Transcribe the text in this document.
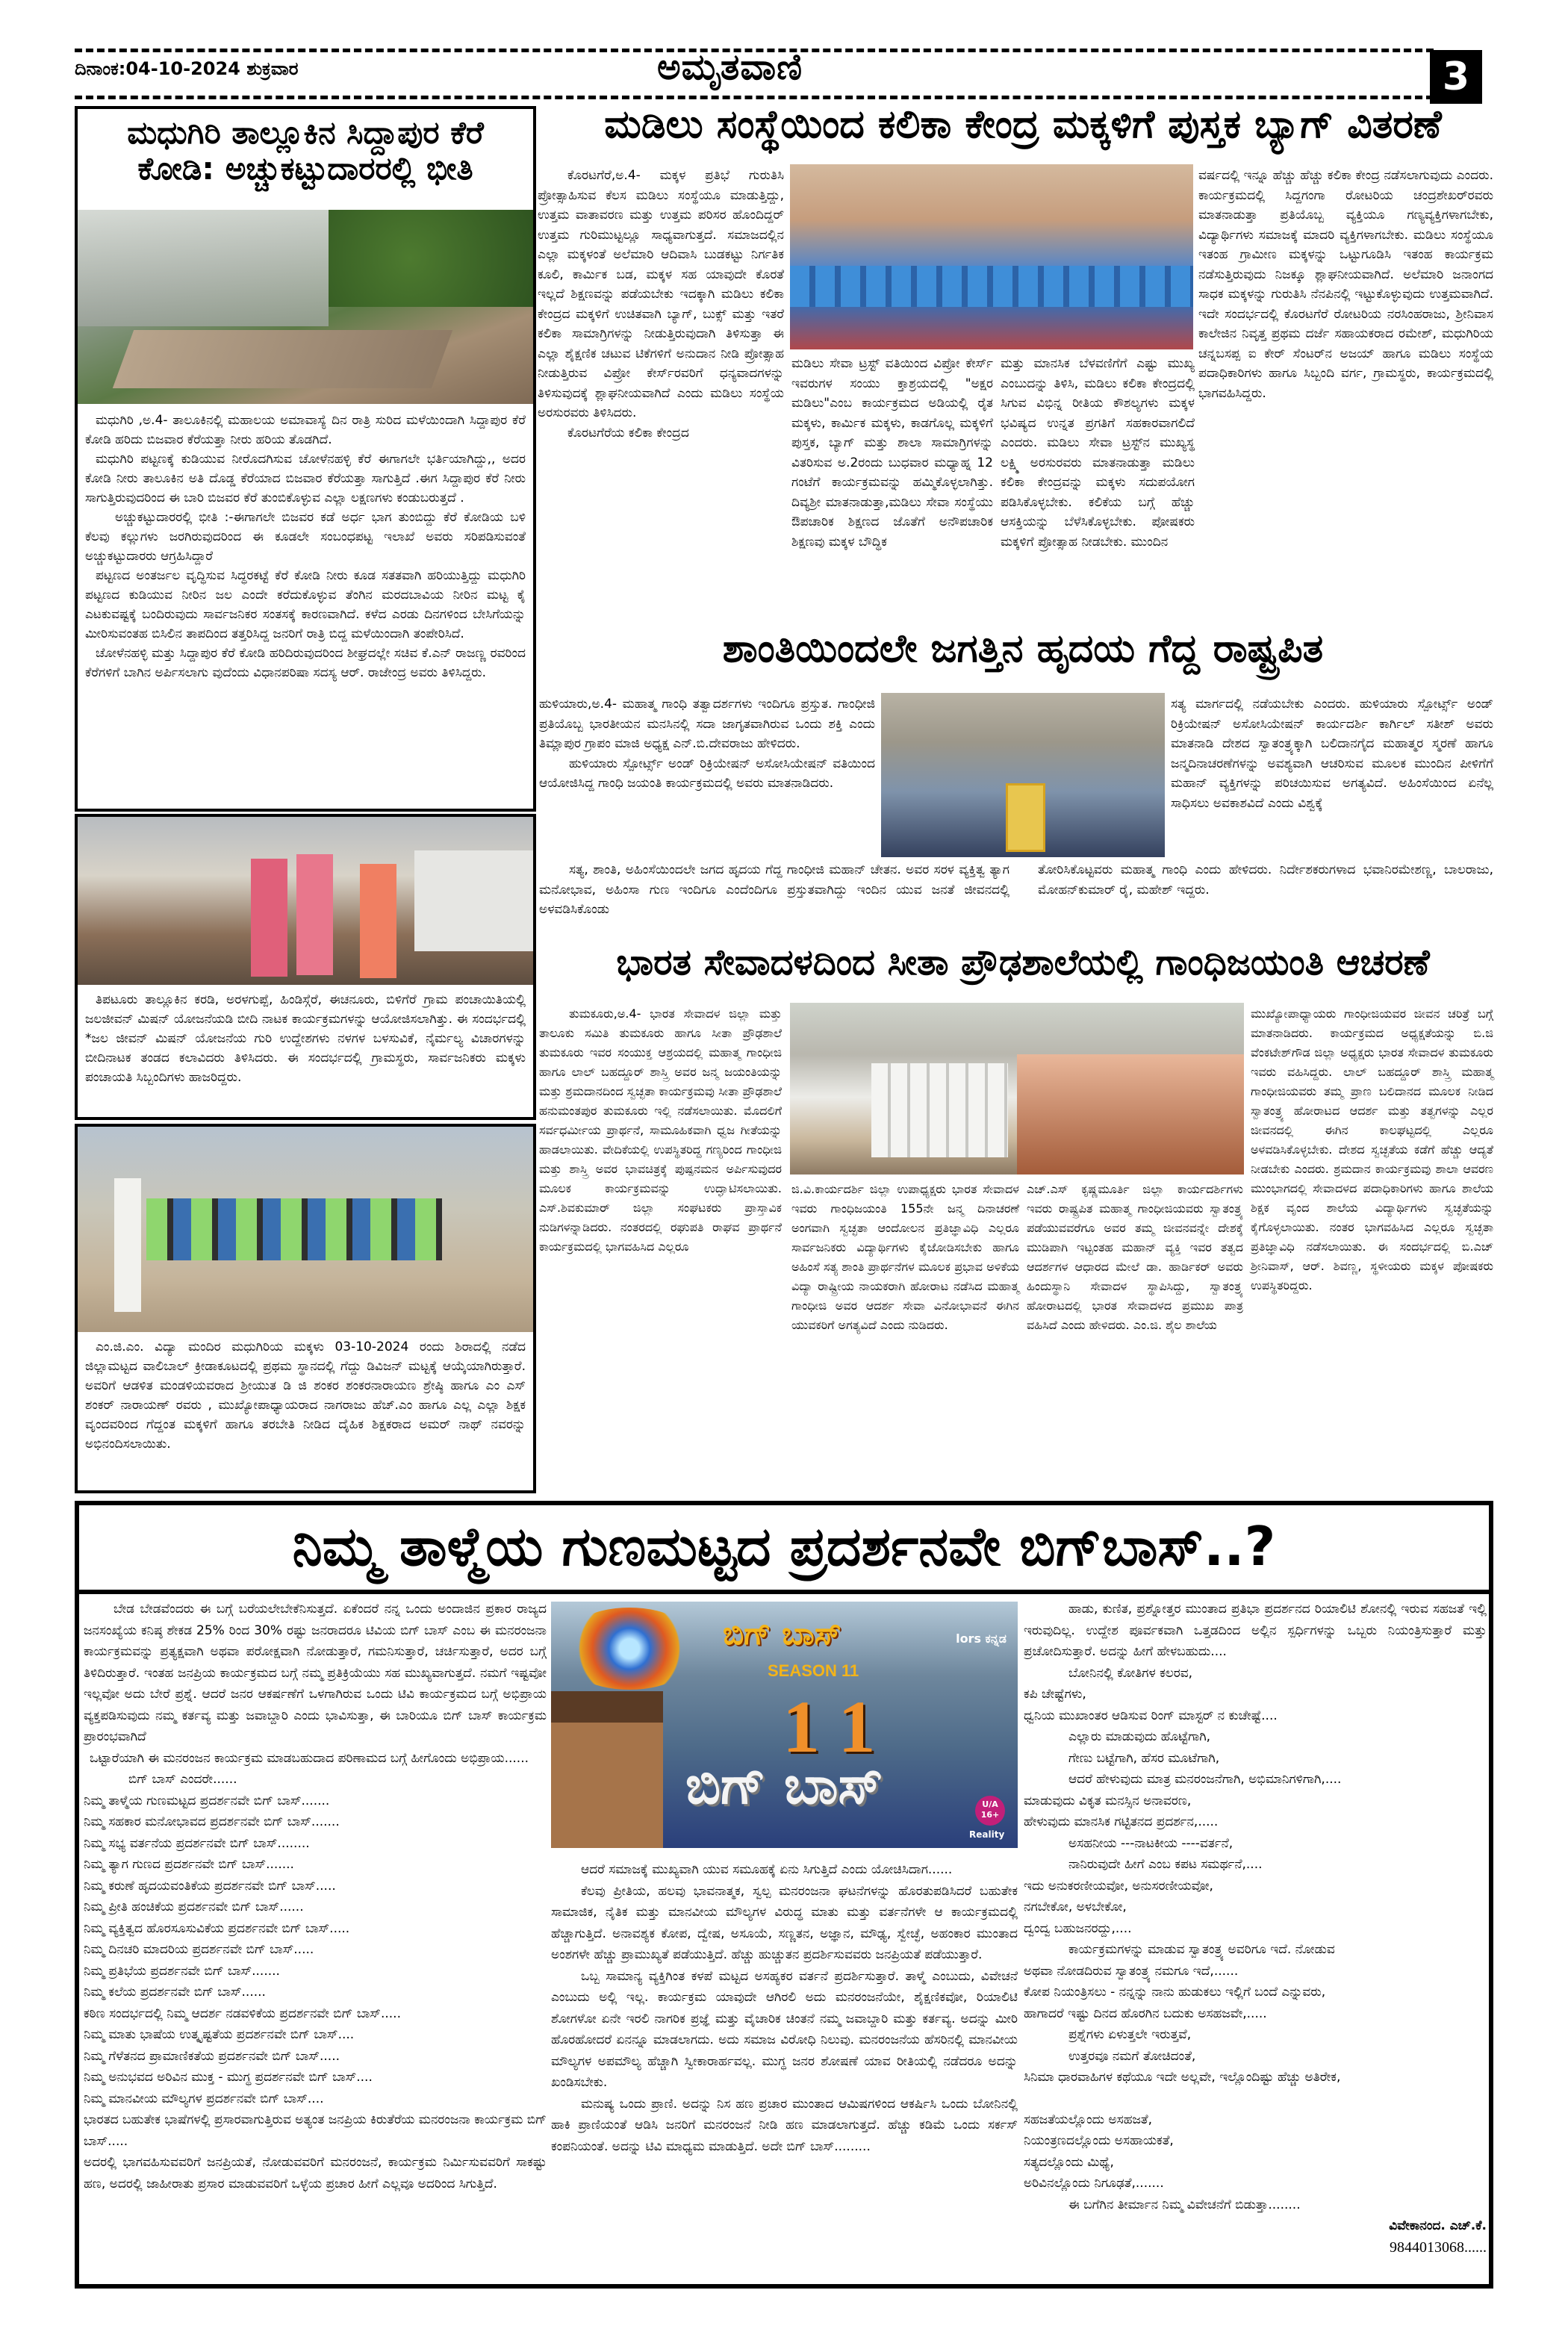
ದಿನಾಂಕ:04-10-2024 ಶುಕ್ರವಾರ	ಅಮೃತವಾಣಿ	3
ಮಧುಗಿರಿ ತಾಲ್ಲೂಕಿನ ಸಿದ್ದಾಪುರ ಕೆರೆ ಕೋಡಿ: ಅಚ್ಚುಕಟ್ಟುದಾರರಲ್ಲಿ ಭೀತಿ

ಮಧುಗಿರಿ ,ಅ.4- ತಾಲೂಕಿನಲ್ಲಿ ಮಹಾಲಯ ಅಮಾವಾಸ್ಯೆ ದಿನ ರಾತ್ರಿ ಸುರಿದ ಮಳೆಯಿಂದಾಗಿ ಸಿದ್ದಾಪುರ ಕೆರೆ ಕೋಡಿ ಹರಿದು ಬಿಜವಾರ ಕೆರೆಯತ್ತಾ ನೀರು ಹರಿಯ ತೊಡಗಿದೆ.

ಮಧುಗಿರಿ ಪಟ್ಟಣಕ್ಕೆ ಕುಡಿಯುವ ನೀರೊದಗಿಸುವ ಚೋಳೆನಹಳ್ಳಿ ಕೆರೆ ಈಗಾಗಲೇ ಭರ್ತಿಯಾಗಿದ್ದು,, ಅದರ ಕೋಡಿ ನೀರು ತಾಲೂಕಿನ ಅತಿ ದೊಡ್ಡ ಕೆರೆಯಾದ ಬಿಜವಾರ ಕೆರೆಯತ್ತಾ ಸಾಗುತ್ತಿದೆ .ಈಗ ಸಿದ್ದಾಪುರ ಕೆರೆ ನೀರು ಸಾಗುತ್ತಿರುವುದರಿಂದ ಈ ಬಾರಿ ಬಿಜವರ ಕೆರೆ ತುಂಬಿಕೊಳ್ಳುವ ಎಲ್ಲಾ ಲಕ್ಷಣಗಳು ಕಂಡುಬರುತ್ತದೆ .

ಅಚ್ಚುಕಟ್ಟುದಾರರಲ್ಲಿ ಭೀತಿ :-ಈಗಾಗಲೇ ಬಿಜವರ ಕಡೆ ಅರ್ಧ ಭಾಗ ತುಂಬಿದ್ದು ಕೆರೆ ಕೋಡಿಯ ಬಳಿ ಕೆಲವು ಕಲ್ಲುಗಳು ಜರಗಿರುವುದರಿಂದ ಈ ಕೂಡಲೇ ಸಂಬಂಧಪಟ್ಟ ಇಲಾಖೆ ಅವರು ಸರಿಪಡಿಸುವಂತೆ ಅಚ್ಚುಕಟ್ಟುದಾರರು ಆಗ್ರಹಿಸಿದ್ದಾರೆ

ಪಟ್ಟಣದ ಅಂತರ್ಜಲ ವೃದ್ಧಿಸುವ ಸಿದ್ಧರಕಟ್ಟೆ ಕೆರೆ ಕೋಡಿ ನೀರು ಕೂಡ ಸತತವಾಗಿ ಹರಿಯುತ್ತಿದ್ದು ಮಧುಗಿರಿ ಪಟ್ಟಣದ ಕುಡಿಯುವ ನೀರಿನ ಜಲ ಎಂದೇ ಕರೆದುಕೊಳ್ಳುವ ತೆಂಗಿನ ಮರದಬಾವಿಯ ನೀರಿನ ಮಟ್ಟ ಕೈ ಎಟಕುವಷ್ಟಕ್ಕೆ ಬಂದಿರುವುದು ಸಾರ್ವಜನಿಕರ ಸಂತಸಕ್ಕೆ ಕಾರಣವಾಗಿದೆ. ಕಳೆದ ಎರಡು ದಿನಗಳಿಂದ ಬೇಸಿಗೆಯನ್ನು ಮೀರಿಸುವಂತಹ ಬಿಸಿಲಿನ ತಾಪದಿಂದ ತತ್ತರಿಸಿದ್ದ ಜನರಿಗೆ ರಾತ್ರಿ ಬಿದ್ದ ಮಳೆಯಿಂದಾಗಿ ತಂಪೇರಿಸಿದೆ.

ಚೋಳೆನಹಳ್ಳಿ ಮತ್ತು ಸಿದ್ದಾಪುರ ಕೆರೆ ಕೋಡಿ ಹರಿದಿರುವುದರಿಂದ ಶೀಘ್ರದಲ್ಲೇ ಸಚಿವ ಕೆ.ಎನ್ ರಾಜಣ್ಣ ರವರಿಂದ ಕೆರೆಗಳಿಗೆ ಬಾಗಿನ ಅರ್ಪಿಸಲಾಗು ವುದೆಂದು ವಿಧಾನಪರಿಷಾ ಸದಸ್ಯ ಆರ್. ರಾಜೇಂದ್ರ ಅವರು ತಿಳಿಸಿದ್ದರು.

ತಿಪಟೂರು ತಾಲ್ಲೂಕಿನ ಕರಡಿ, ಅರಳಗುಪ್ಪೆ, ಹಿಂಡಿಸ್ಗೆರೆ, ಈಚನೂರು, ಬಿಳಿಗೆರೆ ಗ್ರಾಮ ಪಂಚಾಯಿತಿಯಲ್ಲಿ ಜಲಜೀವನ್ ಮಿಷನ್ ಯೋಜನೆಯಡಿ ಬೀದಿ ನಾಟಕ ಕಾರ್ಯಕ್ರಮಗಳನ್ನು ಆಯೋಜಿಸಲಾಗಿತ್ತು. ಈ ಸಂದರ್ಭದಲ್ಲಿ *ಜಲ ಜೀವನ್ ಮಿಷನ್ ಯೋಜನೆಯ ಗುರಿ ಉದ್ದೇಶಗಳು ನಳಗಳ ಬಳಸುವಿಕೆ, ನೈರ್ಮಲ್ಯ ವಿಚಾರಗಳನ್ನು ಬೀದಿನಾಟಕ ತಂಡದ ಕಲಾವಿದರು ತಿಳಿಸಿದರು. ಈ ಸಂದರ್ಭದಲ್ಲಿ ಗ್ರಾಮಸ್ಥರು, ಸಾರ್ವಜನಿಕರು ಮಕ್ಕಳು ಪಂಚಾಯತಿ ಸಿಬ್ಬಂದಿಗಳು ಹಾಜರಿದ್ದರು.

ಎಂ.ಜಿ.ಎಂ. ವಿದ್ಯಾ ಮಂದಿರ ಮಧುಗಿರಿಯ ಮಕ್ಕಳು 03-10-2024 ರಂದು ಶಿರಾದಲ್ಲಿ ನಡೆದ ಜಿಲ್ಲಾಮಟ್ಟದ ವಾಲಿಬಾಲ್ ಕ್ರೀಡಾಕೂಟದಲ್ಲಿ ಪ್ರಥಮ ಸ್ಥಾನದಲ್ಲಿ ಗೆದ್ದು ಡಿವಿಜನ್ ಮಟ್ಟಕ್ಕೆ ಆಯ್ಕೆಯಾಗಿರುತ್ತಾರೆ. ಅವರಿಗೆ ಆಡಳಿತ ಮಂಡಳಿಯವರಾದ ಶ್ರೀಯುತ ಡಿ ಜಿ ಶಂಕರ ಶಂಕರನಾರಾಯಣ ಶ್ರೇಷ್ಠಿ ಹಾಗೂ ಎಂ ಎಸ್ ಶಂಕರ್ ನಾರಾಯಣ್ ರವರು , ಮುಖ್ಯೋಪಾಧ್ಯಾಯರಾದ ನಾಗರಾಜು ಹೆಚ್.ಎಂ ಹಾಗೂ ಎಲ್ಲ ಎಲ್ಲಾ ಶಿಕ್ಷಕ ವೃಂದವರಿಂದ ಗೆದ್ದಂತ ಮಕ್ಕಳಿಗೆ ಹಾಗೂ ತರಬೇತಿ ನೀಡಿದ ದೈಹಿಕ ಶಿಕ್ಷಕರಾದ ಅಮರ್ ನಾಥ್ ನವರನ್ನು ಅಭಿನಂದಿಸಲಾಯಿತು.

ಮಡಿಲು ಸಂಸ್ಥೆಯಿಂದ ಕಲಿಕಾ ಕೇಂದ್ರ ಮಕ್ಕಳಿಗೆ ಪುಸ್ತಕ ಬ್ಯಾಗ್ ವಿತರಣೆ

ಕೊರಟಗೆರೆ,ಅ.4- ಮಕ್ಕಳ ಪ್ರತಿಭೆ ಗುರುತಿಸಿ ಪ್ರೋತ್ಸಾಹಿಸುವ ಕೆಲಸ ಮಡಿಲು ಸಂಸ್ಥೆಯೂ ಮಾಡುತ್ತಿದ್ದು, ಉತ್ತಮ ವಾತಾವರಣ ಮತ್ತು ಉತ್ತಮ ಪರಿಸರ ಹೊಂದಿದ್ದರ್ ಉತ್ತಮ ಗುರಿಮುಟ್ಟಲ್ಲೂ ಸಾಧ್ಯವಾಗುತ್ತದೆ. ಸಮಾಜದಲ್ಲಿನ ಎಲ್ಲಾ ಮಕ್ಕಳಂತೆ ಅಲೆಮಾರಿ ಆದಿವಾಸಿ ಬುಡಕಟ್ಟು ನಿರ್ಗತಿಕ ಕೂಲಿ, ಕಾರ್ಮಿಕ ಬಡ, ಮಕ್ಕಳ ಸಹ ಯಾವುದೇ ಕೊರತೆ ಇಲ್ಲದೆ ಶಿಕ್ಷಣವನ್ನು ಪಡೆಯಬೇಕು ಇದಕ್ಕಾಗಿ ಮಡಿಲು ಕಲಿಕಾ ಕೇಂದ್ರದ ಮಕ್ಕಳಿಗೆ ಉಚಿತವಾಗಿ ಬ್ಯಾಗ್, ಬುಕ್ಸ್ ಮತ್ತು ಇತರೆ ಕಲಿಕಾ ಸಾಮಾಗ್ರಿಗಳನ್ನು ನೀಡುತ್ತಿರುವುದಾಗಿ ತಿಳಿಸುತ್ತಾ ಈ ಎಲ್ಲಾ ಶೈಕ್ಷಣಿಕ ಚಟುವ ಟಿಕೆಗಳಿಗೆ ಅನುದಾನ ನೀಡಿ ಪ್ರೋತ್ಸಾಹ ನೀಡುತ್ತಿರುವ ವಿಪ್ರೋ ಕೇರ್ಸ್‌ರವರಿಗೆ ಧನ್ಯವಾದಗಳನ್ನು ತಿಳಿಸುವುದಕ್ಕೆ ಶ್ಲಾಘನೀಯವಾಗಿದೆ ಎಂದು ಮಡಿಲು ಸಂಸ್ಥೆಯ ಅರಸುರವರು ತಿಳಿಸಿದರು.

ಕೊರಟಗೆರೆಯ ಕಲಿಕಾ ಕೇಂದ್ರದ

ಮಡಿಲು ಸೇವಾ ಟ್ರಸ್ಟ್ ವತಿಯಿಂದ ವಿಪ್ರೋ ಕೇರ್ಸ್ ಇವರುಗಳ ಸಂಯು ಕ್ತಾಶ್ರಯದಲ್ಲಿ "ಅಕ್ಷರ ಮಡಿಲು"ಎಂಬ ಕಾರ್ಯಕ್ರಮದ ಅಡಿಯಲ್ಲಿ ರೈತ ಮಕ್ಕಳು, ಕಾರ್ಮಿಕ ಮಕ್ಕಳು, ಕಾಡಗೊಲ್ಲ ಮಕ್ಕಳಿಗೆ ಪುಸ್ತಕ, ಬ್ಯಾಗ್ ಮತ್ತು ಶಾಲಾ ಸಾಮಾಗ್ರಿಗಳನ್ನು ವಿತರಿಸುವ ಅ.2ರಂದು ಬುಧವಾರ ಮಧ್ಯಾಹ್ನ 12 ಗಂಟೆಗೆ ಕಾರ್ಯಕ್ರಮವನ್ನು ಹಮ್ಮಿಕೊಳ್ಳಲಾಗಿತ್ತು. ದಿವ್ಯಶ್ರೀ ಮಾತನಾಡುತ್ತಾ,ಮಡಿಲು ಸೇವಾ ಸಂಸ್ಥೆಯು ಔಪಚಾರಿಕ ಶಿಕ್ಷಣದ ಜೊತೆಗೆ ಅನೌಪಚಾರಿಕ ಶಿಕ್ಷಣವು ಮಕ್ಕಳ ಬೌದ್ಧಿಕ

ಮತ್ತು ಮಾನಸಿಕ ಬೆಳವಣಿಗೆಗೆ ಎಷ್ಟು ಮುಖ್ಯ ಎಂಬುದನ್ನು ತಿಳಿಸಿ, ಮಡಿಲು ಕಲಿಕಾ ಕೇಂದ್ರದಲ್ಲಿ ಸಿಗುವ ವಿಭಿನ್ನ ರೀತಿಯ ಕೌಶಲ್ಯಗಳು ಮಕ್ಕಳ ಭವಿಷ್ಯದ ಉನ್ನತ ಪ್ರಗತಿಗೆ ಸಹಕಾರವಾಗಲಿದೆ ಎಂದರು. ಮಡಿಲು ಸೇವಾ ಟ್ರಸ್ಟ್‌ನ ಮುಖ್ಯಸ್ಥ ಲಕ್ಷ್ಮಿ ಅರಸುರವರು ಮಾತನಾಡುತ್ತಾ ಮಡಿಲು ಕಲಿಕಾ ಕೇಂದ್ರವನ್ನು ಮಕ್ಕಳು ಸದುಪಯೋಗ ಪಡಿಸಿಕೊಳ್ಳಬೇಕು. ಕಲಿಕೆಯ ಬಗ್ಗೆ ಹೆಚ್ಚು ಆಸಕ್ತಿಯನ್ನು ಬೆಳೆಸಿಕೊಳ್ಳಬೇಕು. ಪೋಷಕರು ಮಕ್ಕಳಿಗೆ ಪ್ರೋತ್ಸಾಹ ನೀಡಬೇಕು. ಮುಂದಿನ

ವರ್ಷದಲ್ಲಿ ಇನ್ನೂ ಹೆಚ್ಚು ಹೆಚ್ಚು ಕಲಿಕಾ ಕೇಂದ್ರ ನಡೆಸಲಾಗುವುದು ಎಂದರು. ಕಾರ್ಯಕ್ರಮದಲ್ಲಿ ಸಿದ್ದಗಂಗಾ ರೋಟರಿಯ ಚಂದ್ರಶೇಖರ್‌ರವರು ಮಾತನಾಡುತ್ತಾ ಪ್ರತಿಯೊಬ್ಬ ವ್ಯಕ್ತಿಯೂ ಗಣ್ಯವ್ಯಕ್ತಿಗಳಾಗಬೇಕು, ವಿದ್ಯಾರ್ಥಿಗಳು ಸಮಾಜಕ್ಕೆ ಮಾದರಿ ವ್ಯಕ್ತಿಗಳಾಗಬೇಕು. ಮಡಿಲು ಸಂಸ್ಥೆಯೂ ಇತಂಹ ಗ್ರಾಮೀಣ ಮಕ್ಕಳನ್ನು ಒಟ್ಟುಗೂಡಿಸಿ ಇತಂಹ ಕಾರ್ಯಕ್ರಮ ನಡೆಸುತ್ತಿರುವುದು ನಿಜಕ್ಕೂ ಶ್ಲಾಘನೀಯವಾಗಿದೆ. ಅಲೆಮಾರಿ ಜನಾಂಗದ ಸಾಧಕ ಮಕ್ಕಳನ್ನು ಗುರುತಿಸಿ ನೆನಪಿನಲ್ಲಿ ಇಟ್ಟುಕೊಳ್ಳುವುದು ಉತ್ತಮವಾಗಿದೆ. ಇದೇ ಸಂದರ್ಭದಲ್ಲಿ ಕೊರಟಗೆರೆ ರೋಟರಿಯ ನರಸಿಂಹರಾಜು, ಶ್ರೀನಿವಾಸ ಕಾಲೇಜಿನ ನಿವೃತ್ತ ಪ್ರಥಮ ದರ್ಜೆ ಸಹಾಯಕರಾದ ರಮೇಶ್, ಮಧುಗಿರಿಯ ಚನ್ನಬಸಪ್ಪ ಐ ಕೇರ್ ಸೆಂಟರ್‌ನ ಅಜಯ್ ಹಾಗೂ ಮಡಿಲು ಸಂಸ್ಥೆಯ ಪದಾಧಿಕಾರಿಗಳು ಹಾಗೂ ಸಿಬ್ಬಂದಿ ವರ್ಗ, ಗ್ರಾಮಸ್ಥರು, ಕಾರ್ಯಕ್ರಮದಲ್ಲಿ ಭಾಗವಹಿಸಿದ್ದರು.

ಶಾಂತಿಯಿಂದಲೇ ಜಗತ್ತಿನ ಹೃದಯ ಗೆದ್ದ ರಾಷ್ಟ್ರಪಿತ

ಹುಳಿಯಾರು,ಅ.4- ಮಹಾತ್ಮ ಗಾಂಧಿ ತತ್ವಾದರ್ಶಗಳು ಇಂದಿಗೂ ಪ್ರಸ್ತುತ. ಗಾಂಧೀಜಿ ಪ್ರತಿಯೊಬ್ಬ ಭಾರತೀಯನ ಮನಸಿನಲ್ಲಿ ಸದಾ ಜಾಗೃತವಾಗಿರುವ ಒಂದು ಶಕ್ತಿ ಎಂದು ತಿಮ್ಲಾಪುರ ಗ್ರಾಪಂ ಮಾಜಿ ಅಧ್ಯಕ್ಷ ಎನ್.ಬಿ.ದೇವರಾಜು ಹೇಳಿದರು.

ಹುಳಿಯಾರು ಸ್ಪೋರ್ಟ್ಸ್ ಅಂಡ್ ರಿಕ್ರಿಯೇಷನ್ ಅಸೋಸಿಯೇಷನ್ ವತಿಯಿಂದ ಆಯೋಜಿಸಿದ್ದ ಗಾಂಧಿ ಜಯಂತಿ ಕಾರ್ಯಕ್ರಮದಲ್ಲಿ ಅವರು ಮಾತನಾಡಿದರು.

ಸತ್ಯ, ಶಾಂತಿ, ಅಹಿಂಸೆಯಿಂದಲೇ ಜಗದ ಹೃದಯ ಗೆದ್ದ ಗಾಂಧೀಜಿ ಮಹಾನ್ ಚೇತನ. ಅವರ ಸರಳ ವ್ಯಕ್ತಿತ್ವ ತ್ಯಾಗ ಮನೋಭಾವ, ಅಹಿಂಸಾ ಗುಣ ಇಂದಿಗೂ ಎಂದೆಂದಿಗೂ ಪ್ರಸ್ತುತವಾಗಿದ್ದು ಇಂದಿನ ಯುವ ಜನತೆ ಜೀವನದಲ್ಲಿ ಅಳವಡಿಸಿಕೊಂಡು

ಸತ್ಯ ಮಾರ್ಗದಲ್ಲಿ ನಡೆಯಬೇಕು ಎಂದರು. ಹುಳಿಯಾರು ಸ್ಪೋರ್ಟ್ಸ್ ಅಂಡ್ ರಿಕ್ರಿಯೇಷನ್ ಅಸೋಸಿಯೇಷನ್ ಕಾರ್ಯದರ್ಶಿ ಕಾರ್ಗಿಲ್ ಸತೀಶ್ ಅವರು ಮಾತನಾಡಿ ದೇಶದ ಸ್ವಾತಂತ್ರ್ಯಕ್ಕಾಗಿ ಬಲಿದಾನಗೈದ ಮಹಾತ್ಮರ ಸ್ಮರಣೆ ಹಾಗೂ ಜನ್ಮದಿನಾಚರಣೆಗಳನ್ನು ಅವಶ್ಯವಾಗಿ ಆಚರಿಸುವ ಮೂಲಕ ಮುಂದಿನ ಪೀಳಿಗೆಗೆ ಮಹಾನ್ ವ್ಯಕ್ತಿಗಳನ್ನು ಪರಿಚಯಿಸುವ ಅಗತ್ಯವಿದೆ. ಅಹಿಂಸೆಯಿಂದ ಏನೆಲ್ಲ ಸಾಧಿಸಲು ಅವಕಾಶವಿದೆ ಎಂದು ವಿಶ್ವಕ್ಕೆ

ತೋರಿಸಿಕೊಟ್ಟವರು ಮಹಾತ್ಮ ಗಾಂಧಿ ಎಂದು ಹೇಳಿದರು. ನಿರ್ದೇಶಕರುಗಳಾದ ಭವಾನಿರಮೇಶಣ್ಣ, ಬಾಲರಾಜು, ಮೋಹನ್‌ಕುಮಾರ್ ರೈ, ಮಹೇಶ್ ಇದ್ದರು.

ಭಾರತ ಸೇವಾದಳದಿಂದ ಸೀತಾ ಪ್ರೌಢಶಾಲೆಯಲ್ಲಿ ಗಾಂಧಿಜಯಂತಿ ಆಚರಣೆ

ತುಮಕೂರು,ಅ.4- ಭಾರತ ಸೇವಾದಳ ಜಿಲ್ಲಾ ಮತ್ತು ತಾಲೂಕು ಸಮಿತಿ ತುಮಕೂರು ಹಾಗೂ ಸೀತಾ ಪ್ರೌಢಶಾಲೆ ತುಮಕೂರು ಇವರ ಸಂಯುಕ್ತ ಆಶ್ರಯದಲ್ಲಿ ಮಹಾತ್ಮ ಗಾಂಧೀಜಿ ಹಾಗೂ ಲಾಲ್ ಬಹದ್ದೂರ್ ಶಾಸ್ತ್ರಿ ಅವರ ಜನ್ಮ ಜಯಂತಿಯನ್ನು ಮತ್ತು ಶ್ರಮದಾನದಿಂದ ಸ್ವಚ್ಛತಾ ಕಾರ್ಯಕ್ರಮವು ಸೀತಾ ಪ್ರೌಢಶಾಲೆ ಹನುಮಂತಪುರ ತುಮಕೂರು ಇಲ್ಲಿ ನಡೆಸಲಾಯಿತು. ಮೊದಲಿಗೆ ಸರ್ವಧರ್ಮೀಯ ಪ್ರಾರ್ಥನೆ, ಸಾಮೂಹಿಕವಾಗಿ ಧ್ವಜ ಗೀತೆಯನ್ನು ಹಾಡಲಾಯಿತು. ವೇದಿಕೆಯಲ್ಲಿ ಉಪಸ್ಥಿತರಿದ್ದ ಗಣ್ಯರಿಂದ ಗಾಂಧೀಜಿ ಮತ್ತು ಶಾಸ್ತ್ರಿ ಅವರ ಭಾವಚಿತ್ರಕ್ಕೆ ಪುಷ್ಪನಮನ ಅರ್ಪಿಸುವುದರ ಮೂಲಕ ಕಾರ್ಯಕ್ರಮವನ್ನು ಉದ್ಘಾಟಿಸಲಾಯಿತು. ಎಸ್.ಶಿವಕುಮಾರ್ ಜಿಲ್ಲಾ ಸಂಘಟಕರು ಪ್ರಾಸ್ತಾವಿಕ ನುಡಿಗಳನ್ನಾಡಿದರು. ನಂತರದಲ್ಲಿ ರಘುಪತಿ ರಾಘವ ಪ್ರಾರ್ಥನೆ ಕಾರ್ಯಕ್ರಮದಲ್ಲಿ ಭಾಗವಹಿಸಿದ ಎಲ್ಲರೂ

ಜಿ.ವಿ.ಕಾರ್ಯದರ್ಶಿ ಜಿಲ್ಲಾ ಉಪಾಧ್ಯಕ್ಷರು ಭಾರತ ಸೇವಾದಳ ಇವರು ಗಾಂಧಿಜಯಂತಿ 155ನೇ ಜನ್ಮ ದಿನಾಚರಣೆ ಅಂಗವಾಗಿ ಸ್ವಚ್ಛತಾ ಆಂದೋಲನ ಪ್ರತಿಜ್ಞಾವಿಧಿ ಎಲ್ಲರೂ ಸಾರ್ವಜನಿಕರು ವಿದ್ಯಾರ್ಥಿಗಳು ಕೈಜೋಡಿಸಬೇಕು ಹಾಗೂ ಅಹಿಂಸೆ ಸತ್ಯ ಶಾಂತಿ ಪ್ರಾರ್ಥನೆಗಳ ಮೂಲಕ ಪ್ರಭಾವ ಅಳಿಕೆಯ ವಿದ್ಯಾ ರಾಷ್ಟ್ರೀಯ ನಾಯಕರಾಗಿ ಹೋರಾಟ ನಡೆಸಿದ ಮಹಾತ್ಮ ಗಾಂಧೀಜಿ ಅವರ ಆದರ್ಶ ಸೇವಾ ವಿನೋಭಾವನೆ ಈಗಿನ ಯುವಕರಿಗೆ ಅಗತ್ಯವಿದೆ ಎಂದು ನುಡಿದರು.

ಎಚ್.ಎಸ್ ಕೃಷ್ಣಮೂರ್ತಿ ಜಿಲ್ಲಾ ಕಾರ್ಯದರ್ಶಿಗಳು ಇವರು ರಾಷ್ಟ್ರಪಿತ ಮಹಾತ್ಮ ಗಾಂಧೀಜಿಯವರು ಸ್ವಾತಂತ್ರ್ಯ ಪಡೆಯುವವರೆಗೂ ಅವರ ತಮ್ಮ ಜೀವನವನ್ನೇ ದೇಶಕ್ಕೆ ಮುಡಿಪಾಗಿ ಇಟ್ಟಂತಹ ಮಹಾನ್ ವ್ಯಕ್ತಿ ಇವರ ತತ್ವದ ಆದರ್ಶಗಳ ಆಧಾರದ ಮೇಲೆ ಡಾ. ಹಾರ್ಡಿಕರ್ ಅವರು ಹಿಂದುಸ್ಥಾನಿ ಸೇವಾದಳ ಸ್ಥಾಪಿಸಿದ್ದು, ಸ್ವಾತಂತ್ರ್ಯ ಹೋರಾಟದಲ್ಲಿ ಭಾರತ ಸೇವಾದಳದ ಪ್ರಮುಖ ಪಾತ್ರ ವಹಿಸಿದೆ ಎಂದು ಹೇಳಿದರು. ಎಂ.ಜಿ. ಶೈಲ ಶಾಲೆಯ

ಮುಖ್ಯೋಪಾಧ್ಯಾಯರು ಗಾಂಧೀಜಿಯವರ ಜೀವನ ಚರಿತ್ರೆ ಬಗ್ಗೆ ಮಾತನಾಡಿದರು. ಕಾರ್ಯಕ್ರಮದ ಅಧ್ಯಕ್ಷತೆಯನ್ನು ಬಿ.ಜಿ ವೆಂಕಟೇಶ್‌ಗೌಡ ಜಿಲ್ಲಾ ಅಧ್ಯಕ್ಷರು ಭಾರತ ಸೇವಾದಳ ತುಮಕೂರು ಇವರು ವಹಿಸಿದ್ದರು. ಲಾಲ್ ಬಹದ್ದೂರ್ ಶಾಸ್ತ್ರಿ ಮಹಾತ್ಮ ಗಾಂಧೀಜಿಯವರು ತಮ್ಮ ಪ್ರಾಣ ಬಲಿದಾನದ ಮೂಲಕ ನೀಡಿದ ಸ್ವಾತಂತ್ರ್ಯ ಹೋರಾಟದ ಆದರ್ಶ ಮತ್ತು ತತ್ವಗಳನ್ನು ಎಲ್ಲರ ಜೀವನದಲ್ಲಿ ಈಗಿನ ಕಾಲಘಟ್ಟದಲ್ಲಿ ಎಲ್ಲರೂ ಅಳವಡಿಸಿಕೊಳ್ಳಬೇಕು. ದೇಶದ ಸ್ವಚ್ಛತೆಯ ಕಡೆಗೆ ಹೆಚ್ಚು ಆದ್ಯತೆ ನೀಡಬೇಕು ಎಂದರು. ಶ್ರಮದಾನ ಕಾರ್ಯಕ್ರಮವು ಶಾಲಾ ಆವರಣ ಮುಂಭಾಗದಲ್ಲಿ ಸೇವಾದಳದ ಪದಾಧಿಕಾರಿಗಳು ಹಾಗೂ ಶಾಲೆಯ ಶಿಕ್ಷಕ ವೃಂದ ಶಾಲೆಯ ವಿದ್ಯಾರ್ಥಿಗಳು ಸ್ವಚ್ಛತೆಯನ್ನು ಕೈಗೊಳ್ಳಲಾಯಿತು. ನಂತರ ಭಾಗವಹಿಸಿದ ಎಲ್ಲರೂ ಸ್ವಚ್ಛತಾ ಪ್ರತಿಜ್ಞಾವಿಧಿ ನಡೆಸಲಾಯಿತು. ಈ ಸಂದರ್ಭದಲ್ಲಿ ಬಿ.ಎಚ್ ಶ್ರೀನಿವಾಸ್, ಆರ್. ಶಿವಣ್ಣ, ಸ್ಥಳೀಯರು ಮಕ್ಕಳ ಪೋಷಕರು ಉಪಸ್ಥಿತರಿದ್ದರು.

ನಿಮ್ಮ ತಾಳ್ಮೆಯ ಗುಣಮಟ್ಟದ ಪ್ರದರ್ಶನವೇ ಬಿಗ್‌ಬಾಸ್..?
ಬಿಗ್ ಬಾಸ್
SEASON 11
lors ಕನ್ನಡ
11
ಬಿಗ್ ಬಾಸ್	U/A 16+
Reality

ಬೇಡ ಬೇಡವೆಂದರು ಈ ಬಗ್ಗೆ ಬರೆಯಲೇಬೇಕೆನಿಸುತ್ತದೆ. ಏಕೆಂದರೆ ನನ್ನ ಒಂದು ಅಂದಾಜಿನ ಪ್ರಕಾರ ರಾಜ್ಯದ ಜನಸಂಖ್ಯೆಯ ಕನಿಷ್ಠ ಶೇಕಡ 25% ರಿಂದ 30% ರಷ್ಟು ಜನರಾದರೂ ಟಿವಿಯ ಬಿಗ್ ಬಾಸ್ ಎಂಬ ಈ ಮನರಂಜನಾ ಕಾರ್ಯಕ್ರಮವನ್ನು ಪ್ರತ್ಯಕ್ಷವಾಗಿ ಅಥವಾ ಪರೋಕ್ಷವಾಗಿ ನೋಡುತ್ತಾರೆ, ಗಮನಿಸುತ್ತಾರೆ, ಚರ್ಚಿಸುತ್ತಾರೆ, ಅದರ ಬಗ್ಗೆ ತಿಳಿದಿರುತ್ತಾರೆ. ಇಂತಹ ಜನಪ್ರಿಯ ಕಾರ್ಯಕ್ರಮದ ಬಗ್ಗೆ ನಮ್ಮ ಪ್ರತಿಕ್ರಿಯೆಯು ಸಹ ಮುಖ್ಯವಾಗುತ್ತದೆ. ನಮಗೆ ಇಷ್ಟವೋ ಇಲ್ಲವೋ ಅದು ಬೇರೆ ಪ್ರಶ್ನೆ. ಆದರೆ ಜನರ ಆಕರ್ಷಣೆಗೆ ಒಳಗಾಗಿರುವ ಒಂದು ಟಿವಿ ಕಾರ್ಯಕ್ರಮದ ಬಗ್ಗೆ ಅಭಿಪ್ರಾಯ ವ್ಯಕ್ತಪಡಿಸುವುದು ನಮ್ಮ ಕರ್ತವ್ಯ ಮತ್ತು ಜವಾಬ್ದಾರಿ ಎಂದು ಭಾವಿಸುತ್ತಾ, ಈ ಬಾರಿಯೂ ಬಿಗ್ ಬಾಸ್ ಕಾರ್ಯಕ್ರಮ ಪ್ರಾರಂಭವಾಗಿದೆ

ಒಟ್ಟಾರೆಯಾಗಿ ಈ ಮನರಂಜನ ಕಾರ್ಯಕ್ರಮ ಮಾಡಬಹುದಾದ ಪರಿಣಾಮದ ಬಗ್ಗೆ ಹೀಗೊಂದು ಅಭಿಪ್ರಾಯ......

ಬಿಗ್ ಬಾಸ್ ಎಂದರೇ......

ನಿಮ್ಮ ತಾಳ್ಮೆಯ ಗುಣಮಟ್ಟದ ಪ್ರದರ್ಶನವೇ ಬಿಗ್ ಬಾಸ್.......
ನಿಮ್ಮ ಸಹಕಾರ ಮನೋಭಾವದ ಪ್ರದರ್ಶನವೇ ಬಿಗ್ ಬಾಸ್.......
ನಿಮ್ಮ ಸಭ್ಯ ವರ್ತನೆಯ ಪ್ರದರ್ಶನವೇ ಬಿಗ್ ಬಾಸ್........
ನಿಮ್ಮ ತ್ಯಾಗ ಗುಣದ ಪ್ರದರ್ಶನವೇ ಬಿಗ್ ಬಾಸ್.......
ನಿಮ್ಮ ಕರುಣೆ ಹೃದಯವಂತಿಕೆಯ ಪ್ರದರ್ಶನವೇ ಬಿಗ್ ಬಾಸ್.....
ನಿಮ್ಮ ಪ್ರೀತಿ ಹಂಚಿಕೆಯ ಪ್ರದರ್ಶನವೇ ಬಿಗ್ ಬಾಸ್......
ನಿಮ್ಮ ವ್ಯಕ್ತಿತ್ವದ ಹೊರಸೂಸುವಿಕೆಯ ಪ್ರದರ್ಶನವೇ ಬಿಗ್ ಬಾಸ್.....
ನಿಮ್ಮ ದಿನಚರಿ ಮಾದರಿಯ ಪ್ರದರ್ಶನವೇ ಬಿಗ್ ಬಾಸ್.....
ನಿಮ್ಮ ಪ್ರತಿಭೆಯ ಪ್ರದರ್ಶನವೇ ಬಿಗ್ ಬಾಸ್.......
ನಿಮ್ಮ ಕಲೆಯ ಪ್ರದರ್ಶನವೇ ಬಿಗ್ ಬಾಸ್......
ಕಠಿಣ ಸಂದರ್ಭದಲ್ಲಿ ನಿಮ್ಮ ಆದರ್ಶ ನಡವಳಿಕೆಯ ಪ್ರದರ್ಶನವೇ ಬಿಗ್ ಬಾಸ್.....
ನಿಮ್ಮ ಮಾತು ಭಾಷೆಯ ಉತ್ಕೃಷ್ಟತೆಯ ಪ್ರದರ್ಶನವೇ ಬಿಗ್ ಬಾಸ್....
ನಿಮ್ಮ ಗೆಳೆತನದ ಪ್ರಾಮಾಣಿಕತೆಯ ಪ್ರದರ್ಶನವೇ ಬಿಗ್ ಬಾಸ್.....
ನಿಮ್ಮ ಅನುಭವದ ಅರಿವಿನ ಮುಕ್ತ - ಮುಗ್ಧ ಪ್ರದರ್ಶನವೇ ಬಿಗ್ ಬಾಸ್....
ನಿಮ್ಮ ಮಾನವೀಯ ಮೌಲ್ಯಗಳ ಪ್ರದರ್ಶನವೇ ಬಿಗ್ ಬಾಸ್....

ಭಾರತದ ಬಹುತೇಕ ಭಾಷೆಗಳಲ್ಲಿ ಪ್ರಸಾರವಾಗುತ್ತಿರುವ ಅತ್ಯಂತ ಜನಪ್ರಿಯ ಕಿರುತೆರೆಯ ಮನರಂಜನಾ ಕಾರ್ಯಕ್ರಮ ಬಿಗ್ ಬಾಸ್.....

ಅದರಲ್ಲಿ ಭಾಗವಹಿಸುವವರಿಗೆ ಜನಪ್ರಿಯತೆ, ನೋಡುವವರಿಗೆ ಮನರಂಜನೆ, ಕಾರ್ಯಕ್ರಮ ನಿರ್ಮಿಸುವವರಿಗೆ ಸಾಕಷ್ಟು ಹಣ, ಅದರಲ್ಲಿ ಜಾಹೀರಾತು ಪ್ರಸಾರ ಮಾಡುವವರಿಗೆ ಒಳ್ಳೆಯ ಪ್ರಚಾರ ಹೀಗೆ ಎಲ್ಲವೂ ಅದರಿಂದ ಸಿಗುತ್ತಿದೆ.

ಆದರೆ ಸಮಾಜಕ್ಕೆ ಮುಖ್ಯವಾಗಿ ಯುವ ಸಮೂಹಕ್ಕೆ ಏನು ಸಿಗುತ್ತಿದೆ ಎಂದು ಯೋಚಿಸಿದಾಗ......

ಕೆಲವು ಪ್ರೀತಿಯ, ಹಲವು ಭಾವನಾತ್ಮಕ, ಸ್ವಲ್ಪ ಮನರಂಜನಾ ಘಟನೆಗಳನ್ನು ಹೊರತುಪಡಿಸಿದರೆ ಬಹುತೇಕ ಸಾಮಾಜಿಕ, ನೈತಿಕ ಮತ್ತು ಮಾನವೀಯ ಮೌಲ್ಯಗಳ ವಿರುದ್ಧ ಮಾತು ಮತ್ತು ವರ್ತನೆಗಳೇ ಆ ಕಾರ್ಯಕ್ರಮದಲ್ಲಿ ಹೆಚ್ಚಾಗುತ್ತಿದೆ. ಅನಾವಶ್ಯಕ ಕೋಪ, ದ್ವೇಷ, ಅಸೂಯೆ, ಸಣ್ಣತನ, ಅಜ್ಞಾನ, ಮೌಢ್ಯ, ಸ್ವೇಚ್ಛೆ, ಅಹಂಕಾರ ಮುಂತಾದ ಅಂಶಗಳೇ ಹೆಚ್ಚು ಪ್ರಾಮುಖ್ಯತೆ ಪಡೆಯುತ್ತಿದೆ. ಹೆಚ್ಚು ಹುಚ್ಚುತನ ಪ್ರದರ್ಶಿಸುವವರು ಜನಪ್ರಿಯತೆ ಪಡೆಯುತ್ತಾರೆ.

ಒಬ್ಬ ಸಾಮಾನ್ಯ ವ್ಯಕ್ತಿಗಿಂತ ಕಳಪೆ ಮಟ್ಟದ ಅಸಹ್ಯಕರ ವರ್ತನೆ ಪ್ರದರ್ಶಿಸುತ್ತಾರೆ. ತಾಳ್ಮೆ ಎಂಬುದು, ವಿವೇಚನೆ ಎಂಬುದು ಅಲ್ಲಿ ಇಲ್ಲ. ಕಾರ್ಯಕ್ರಮ ಯಾವುದೇ ಆಗಿರಲಿ ಅದು ಮನರಂಜನೆಯೇ, ಶೈಕ್ಷಣಿಕವೋ, ರಿಯಾಲಿಟಿ ಶೋಗಳೋ ಏನೇ ಇರಲಿ ನಾಗರಿಕ ಪ್ರಜ್ಞೆ ಮತ್ತು ವೈಚಾರಿಕ ಚಿಂತನೆ ನಮ್ಮ ಜವಾಬ್ದಾರಿ ಮತ್ತು ಕರ್ತವ್ಯ. ಅದನ್ನು ಮೀರಿ ಹೊರಹೋದರೆ ಏನನ್ನೂ ಮಾಡಲಾಗದು. ಅದು ಸಮಾಜ ವಿರೋಧಿ ನಿಲುವು. ಮನರಂಜನೆಯ ಹೆಸರಿನಲ್ಲಿ ಮಾನವೀಯ ಮೌಲ್ಯಗಳ ಅಪಮೌಲ್ಯ ಹೆಚ್ಚಾಗಿ ಸ್ವೀಕಾರಾರ್ಹವಲ್ಲ. ಮುಗ್ಧ ಜನರ ಶೋಷಣೆ ಯಾವ ರೀತಿಯಲ್ಲಿ ನಡೆದರೂ ಅದನ್ನು ಖಂಡಿಸಬೇಕು.

ಮನುಷ್ಯ ಒಂದು ಪ್ರಾಣಿ. ಅದನ್ನು ನಿಸ ಹಣ ಪ್ರಚಾರ ಮುಂತಾದ ಆಮಿಷಗಳಿಂದ ಆಕರ್ಷಿಸಿ ಒಂದು ಬೋನಿನಲ್ಲಿ ಹಾಕಿ ಪ್ರಾಣಿಯಂತೆ ಆಡಿಸಿ ಜನರಿಗೆ ಮನರಂಜನೆ ನೀಡಿ ಹಣ ಮಾಡಲಾಗುತ್ತದೆ. ಹೆಚ್ಚು ಕಡಿಮೆ ಒಂದು ಸರ್ಕಸ್ ಕಂಪನಿಯಂತೆ. ಅದನ್ನು ಟಿವಿ ಮಾಧ್ಯಮ ಮಾಡುತ್ತಿದೆ. ಅದೇ ಬಿಗ್ ಬಾಸ್.........

ಹಾಡು, ಕುಣಿತ, ಪ್ರಶ್ನೋತ್ತರ ಮುಂತಾದ ಪ್ರತಿಭಾ ಪ್ರದರ್ಶನದ ರಿಯಾಲಿಟಿ ಶೋನಲ್ಲಿ ಇರುವ ಸಹಜತೆ ಇಲ್ಲಿ ಇರುವುದಿಲ್ಲ. ಉದ್ದೇಶ ಪೂರ್ವಕವಾಗಿ ಒತ್ತಡದಿಂದ ಅಲ್ಲಿನ ಸ್ಪರ್ಧಿಗಳನ್ನು ಒಬ್ಬರು ನಿಯಂತ್ರಿಸುತ್ತಾರೆ ಮತ್ತು ಪ್ರಚೋದಿಸುತ್ತಾರೆ. ಅದನ್ನು ಹೀಗೆ ಹೇಳಬಹುದು....

ಬೋನಿನಲ್ಲಿ ಕೋತಿಗಳ ಕಲರವ,
ಕಪಿ ಚೇಷ್ಟೆಗಳು,
ಧ್ವನಿಯ ಮುಖಾಂತರ ಆಡಿಸುವ ರಿಂಗ್ ಮಾಸ್ಟರ್ ನ ಕುಚೇಷ್ಟೆ....
ಎಲ್ಲಾರು ಮಾಡುವುದು ಹೊಟ್ಟೆಗಾಗಿ,
ಗೇಣು ಬಟ್ಟೆಗಾಗಿ, ಹೆಸರ ಮೂಟೆಗಾಗಿ,
ಆದರೆ ಹೇಳುವುದು ಮಾತ್ರ ಮನರಂಜನೆಗಾಗಿ, ಅಭಿಮಾನಿಗಳಿಗಾಗಿ,....
ಮಾಡುವುದು ವಿಕೃತ ಮನಸ್ಸಿನ ಅನಾವರಣ,
ಹೇಳುವುದು ಮಾನಸಿಕ ಗಟ್ಟಿತನದ ಪ್ರದರ್ಶನ,.....
ಅಸಹನೀಯ ---ನಾಟಕೀಯ ----ವರ್ತನೆ,
ನಾನಿರುವುದೇ ಹೀಗೆ ಎಂಬ ಕಪಟ ಸಮರ್ಥನೆ,....
ಇದು ಅನುಕರಣೀಯವೋ, ಅನುಸರಣೀಯವೋ,
ನಗಬೇಕೋ, ಅಳಬೇಕೋ,
ದ್ವಂದ್ವ ಬಹುಜನರದ್ದು,....
ಕಾರ್ಯಕ್ರಮಗಳನ್ನು ಮಾಡುವ ಸ್ವಾತಂತ್ರ್ಯ ಅವರಿಗೂ ಇದೆ. ನೋಡುವ
ಅಥವಾ ನೋಡದಿರುವ ಸ್ವಾತಂತ್ರ್ಯ ನಮಗೂ ಇದೆ,......
ಕೋಪ ನಿಯಂತ್ರಿಸಲು - ನನ್ನನ್ನು ನಾನು ಹುಡುಕಲು ಇಲ್ಲಿಗೆ ಬಂದೆ ಎನ್ನುವರು,
ಹಾಗಾದರೆ ಇಷ್ಟು ದಿನದ ಹೊರಗಿನ ಬದುಕು ಅಸಹಜವೇ,.....
ಪ್ರಶ್ನೆಗಳು ಏಳುತ್ತಲೇ ಇರುತ್ತವೆ,
ಉತ್ತರವೂ ನಮಗೆ ತೋಚಿದಂತೆ,
ಸಿನಿಮಾ ಧಾರವಾಹಿಗಳ ಕಥೆಯೂ ಇದೇ ಅಲ್ಲವೇ, ಇಲ್ಲೊಂದಿಷ್ಟು ಹೆಚ್ಚು ಅತಿರೇಕ,
ಸಹಜತೆಯಲ್ಲೊಂದು ಅಸಹಜತೆ,
ನಿಯಂತ್ರಣದಲ್ಲೊಂದು ಅಸಹಾಯಕತೆ,
ಸತ್ಯದಲ್ಲೊಂದು ಮಿಥ್ಯೆ,
ಅರಿವಿನಲ್ಲೊಂದು ನಿಗೂಢತೆ,.......
ಈ ಬಗೆಗಿನ ತೀರ್ಮಾನ ನಿಮ್ಮ ವಿವೇಚನೆಗೆ ಬಿಡುತ್ತಾ........
ವಿವೇಕಾನಂದ. ಎಚ್.ಕೆ.
9844013068......
